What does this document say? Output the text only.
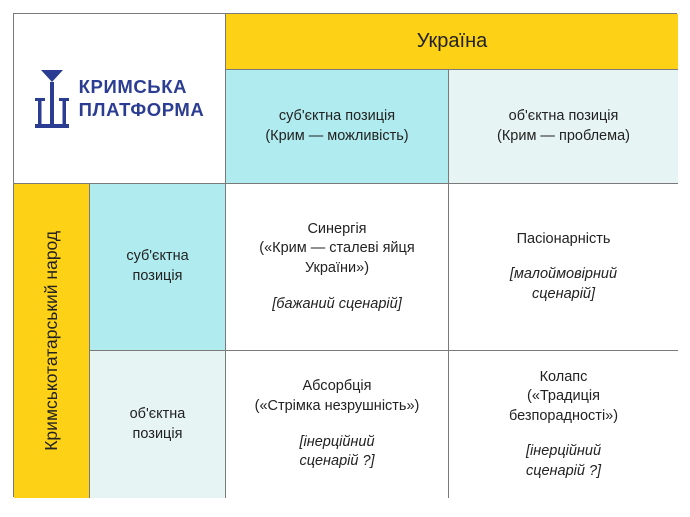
КРИМСЬКА
ПЛАТФОРМА
Україна
суб'єктна позиція
(Крим — можливість)
об'єктна позиція
(Крим — проблема)
Кримськотатарський народ	суб'єктна
позиція
об'єктна
позиція
Синергія
(«Крим — сталеві яйця
України»)
[бажаний сценарій]
Пасіонарність
[малоймовірний
сценарій]
Абсорбція
(«Стрімка незрушність»)
[інерційний
сценарій ?]
Колапс
(«Традиція
безпорадності»)
[інерційний
сценарій ?]
